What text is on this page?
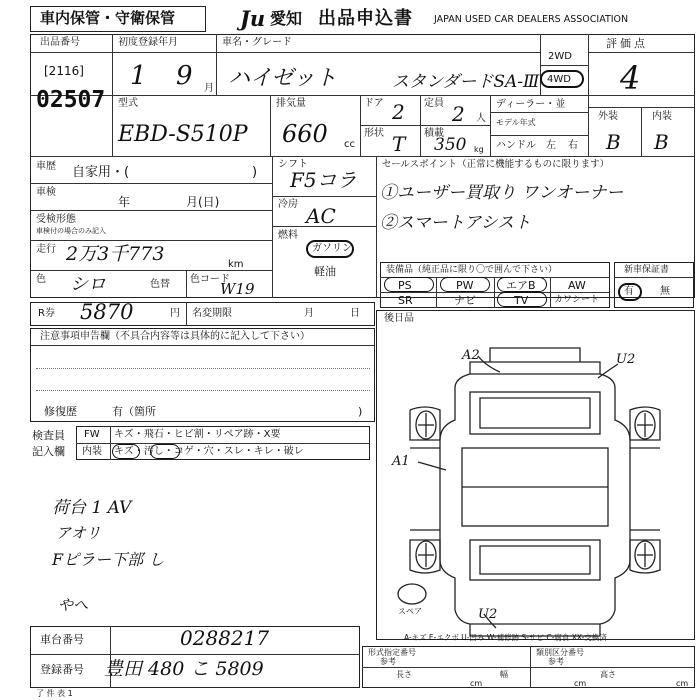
車内保管・守衛保管	Ju 愛知 出品申込書 JAPAN USED CAR DEALERS ASSOCIATION
出品番号
[2116]
02507
初度登録年月
1 9 月
車名・グレード
ハイゼット	スタンダードSA-Ⅲ
2WD
4WD
評価点
4
外装	内装
B B
型式
EBD-S510P
排気量
660 cc
ドア 2 定員 2 人
形状 T 積載
350 kg
ディーラー・並
モデル年式
ハンドル 左 右
車歴 自家用・(	)
車検
年	月(日)
受検形態
車検付の場合のみ記入
走行 2万3千773	km
色 シロ	色替 色コード
W19
シフト
F5コラ
冷房 AC
燃料
ガソリン
軽油
セールスポイント（正常に機能するものに限ります）
①ユーザー買取り ワンオーナー
②スマートアシスト
装備品（純正品に限り〇で囲んで下さい）
PS	PW	エアB	AW
SR	ナビ	TV	カワシート
新車保証書
有	無
R券 5870	円 名変期限	月	日
注意事項申告欄（不具合内容等は具体的に記入して下さい）
修復歴	有（箇所	)
検査員
記入欄
FW キズ・飛石・ヒビ割・リペア跡・X要
内装 キズ・汚し・コゲ・穴・スレ・キレ・破レ
荷台 1 AV
アオリ
Fピラー下部 し
やへ
後日品
A2	U2
A1
U2
スペア
A-キズ E-エクボ U-凹み W-補修跡 S-サビ C-腐食 XX-交換済
車台番号	0288217
登録番号 豊田 480 こ 5809
形式指定番号
参考
類別区分番号
参考
長さ
cm
幅
cm
高さ
cm
了 件 表 1
